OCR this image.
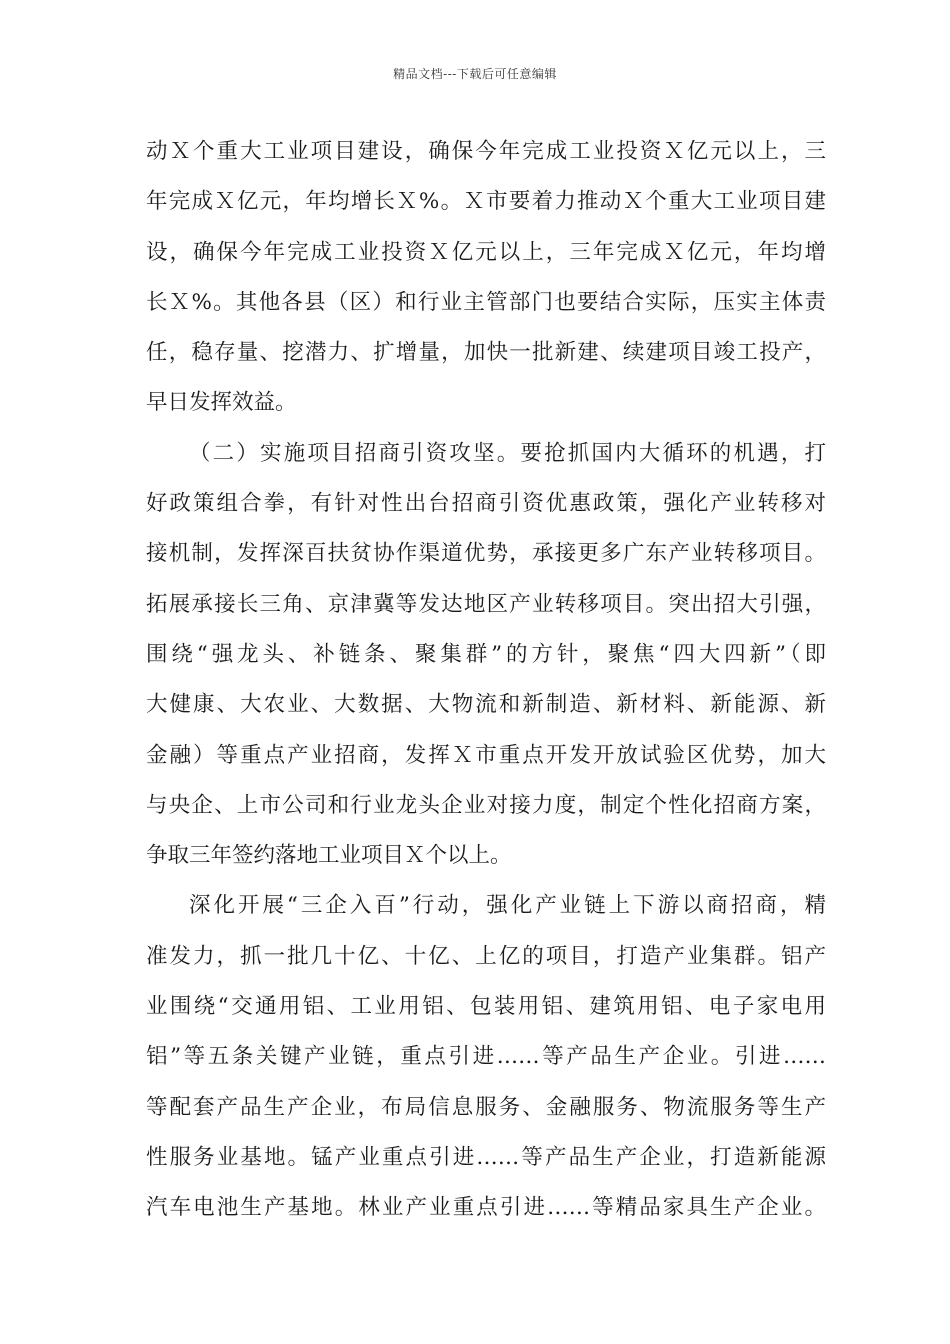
精品文档---下载后可任意编辑
动Ｘ个重大工业项目建设，确保今年完成工业投资Ｘ亿元以上，三
年完成Ｘ亿元，年均增长Ｘ%。Ｘ市要着力推动Ｘ个重大工业项目建
设，确保今年完成工业投资Ｘ亿元以上，三年完成Ｘ亿元，年均增
长Ｘ%。其他各县（区）和行业主管部门也要结合实际，压实主体责
任，稳存量、挖潜力、扩增量，加快一批新建、续建项目竣工投产，
早日发挥效益。
（二）实施项目招商引资攻坚。要抢抓国内大循环的机遇，打
好政策组合拳，有针对性出台招商引资优惠政策，强化产业转移对
接机制，发挥深百扶贫协作渠道优势，承接更多广东产业转移项目。
拓展承接长三角、京津冀等发达地区产业转移项目。突出招大引强，
围绕“强龙头、补链条、聚集群”的方针，聚焦“四大四新”（即
大健康、大农业、大数据、大物流和新制造、新材料、新能源、新
金融）等重点产业招商，发挥Ｘ市重点开发开放试验区优势，加大
与央企、上市公司和行业龙头企业对接力度，制定个性化招商方案，
争取三年签约落地工业项目Ｘ个以上。
深化开展“三企入百”行动，强化产业链上下游以商招商，精
准发力，抓一批几十亿、十亿、上亿的项目，打造产业集群。铝产
业围绕“交通用铝、工业用铝、包装用铝、建筑用铝、电子家电用
铝”等五条关键产业链，重点引进……等产品生产企业。引进……
等配套产品生产企业，布局信息服务、金融服务、物流服务等生产
性服务业基地。锰产业重点引进……等产品生产企业，打造新能源
汽车电池生产基地。林业产业重点引进……等精品家具生产企业。
